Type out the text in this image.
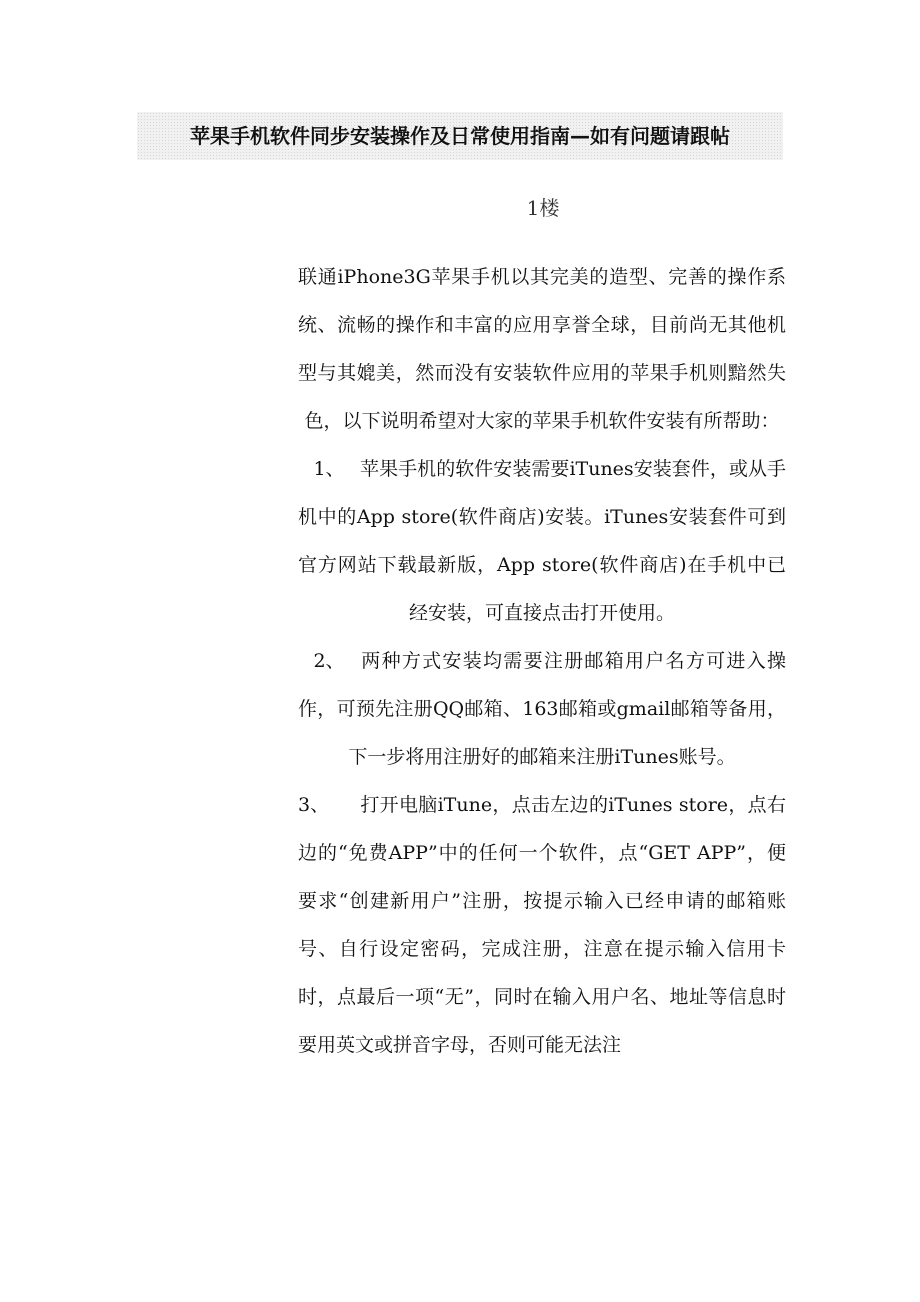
苹果手机软件同步安装操作及日常使用指南—如有问题请跟帖
1楼

联通iPhone3G苹果手机以其完美的造型、完善的操作系统、流畅的操作和丰富的应用享誉全球，目前尚无其他机型与其媲美，然而没有安装软件应用的苹果手机则黯然失色，以下说明希望对大家的苹果手机软件安装有所帮助：

1、 苹果手机的软件安装需要iTunes安装套件，或从手机中的App store(软件商店)安装。iTunes安装套件可到官方网站下载最新版，App store(软件商店)在手机中已经安装，可直接点击打开使用。

2、 两种方式安装均需要注册邮箱用户名方可进入操作，可预先注册QQ邮箱、163邮箱或gmail邮箱等备用，下一步将用注册好的邮箱来注册iTunes账号。

3、 打开电脑iTune，点击左边的iTunes store，点右边的“免费APP”中的任何一个软件，点“GET APP”，便要求“创建新用户”注册，按提示输入已经申请的邮箱账号、自行设定密码，完成注册，注意在提示输入信用卡时，点最后一项“无”，同时在输入用户名、地址等信息时要用英文或拼音字母，否则可能无法注
